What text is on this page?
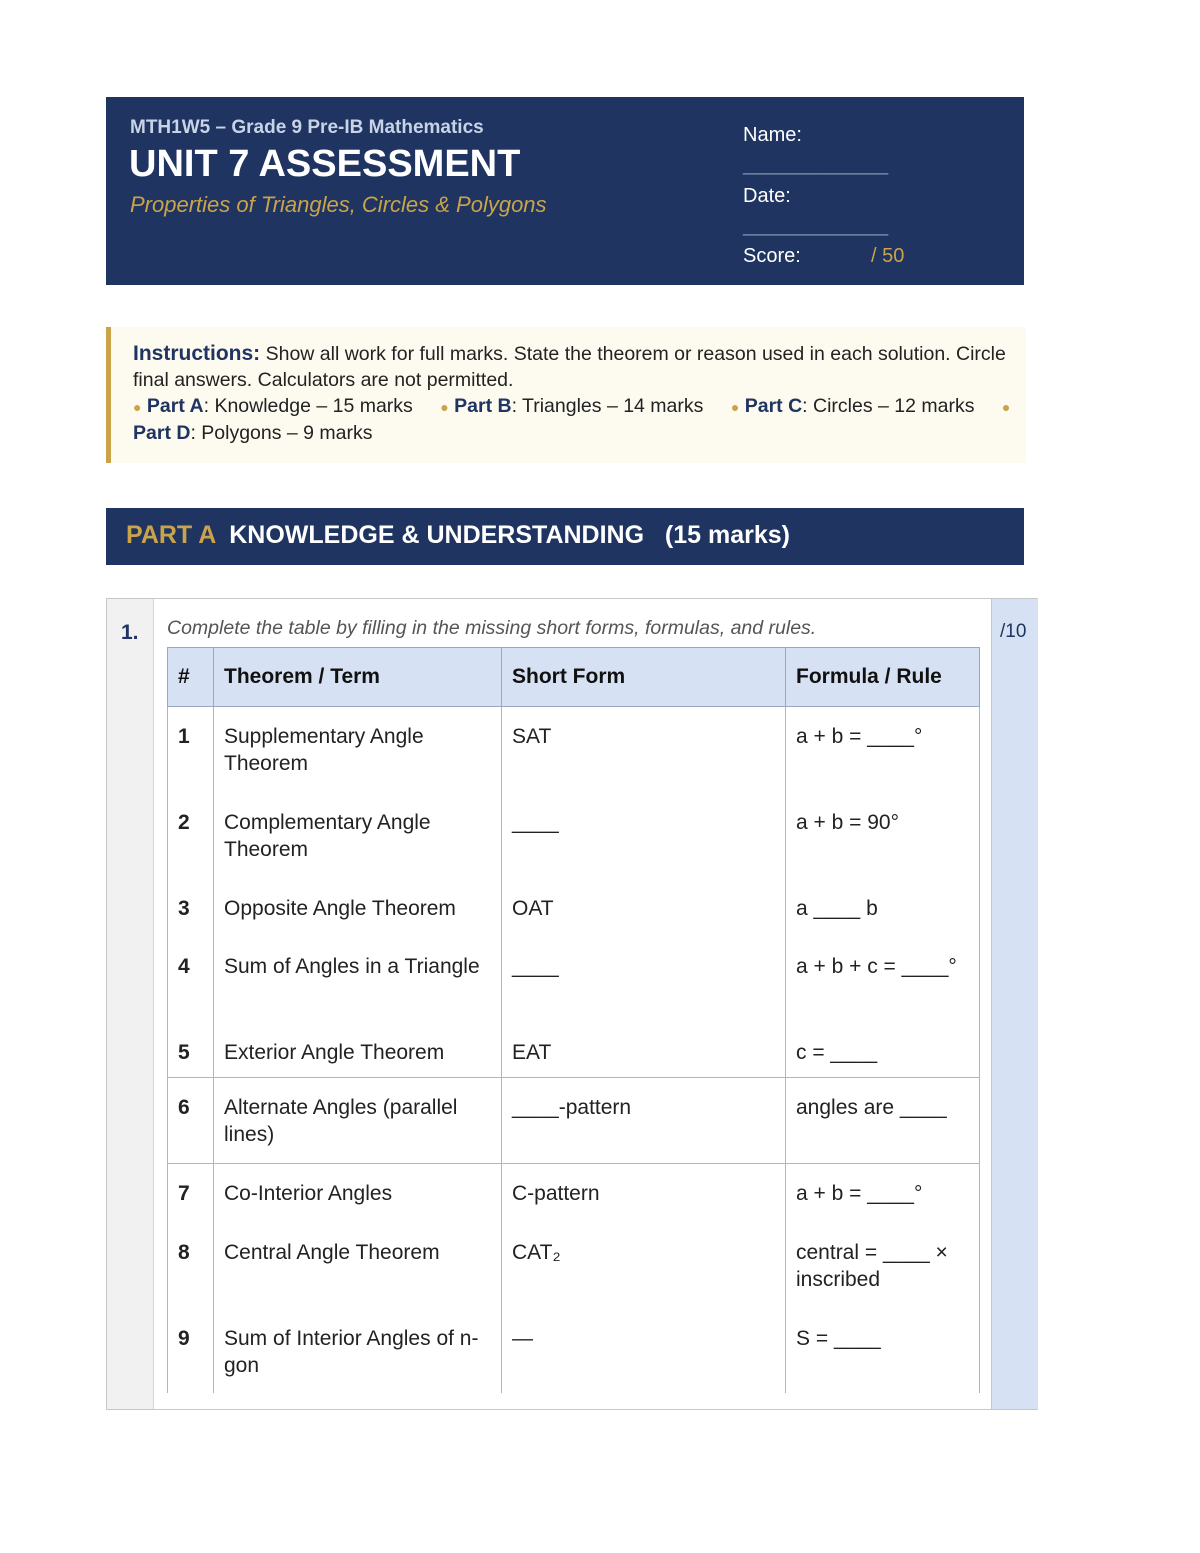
MTH1W5 – Grade 9 Pre-IB Mathematics
UNIT 7 ASSESSMENT
Properties of Triangles, Circles & Polygons
Name:
________________
Date:
________________
Score:	/ 50
Instructions: Show all work for full marks. State the theorem or reason used in each solution. Circle final answers. Calculators are not permitted.
● Part A: Knowledge – 15 marks ● Part B: Triangles – 14 marks ● Part C: Circles – 12 marks ● Part D: Polygons – 9 marks
PART A KNOWLEDGE & UNDERSTANDING (15 marks)
1. Complete the table by filling in the missing short forms, formulas, and rules.
#	Theorem / Term	Short Form	Formula / Rule
1	Supplementary Angle Theorem	SAT	a + b = ____°
2	Complementary Angle Theorem	____	a + b = 90°
3	Opposite Angle Theorem	OAT	a ____ b
4	Sum of Angles in a Triangle	____	a + b + c = ____°
5	Exterior Angle Theorem	EAT	c = ____
6	Alternate Angles (parallel lines)	____-pattern	angles are ____
7	Co-Interior Angles	C-pattern	a + b = ____°
8	Central Angle Theorem	CAT₂	central = ____ × inscribed
9	Sum of Interior Angles of n-gon	—	S = ____
/10
